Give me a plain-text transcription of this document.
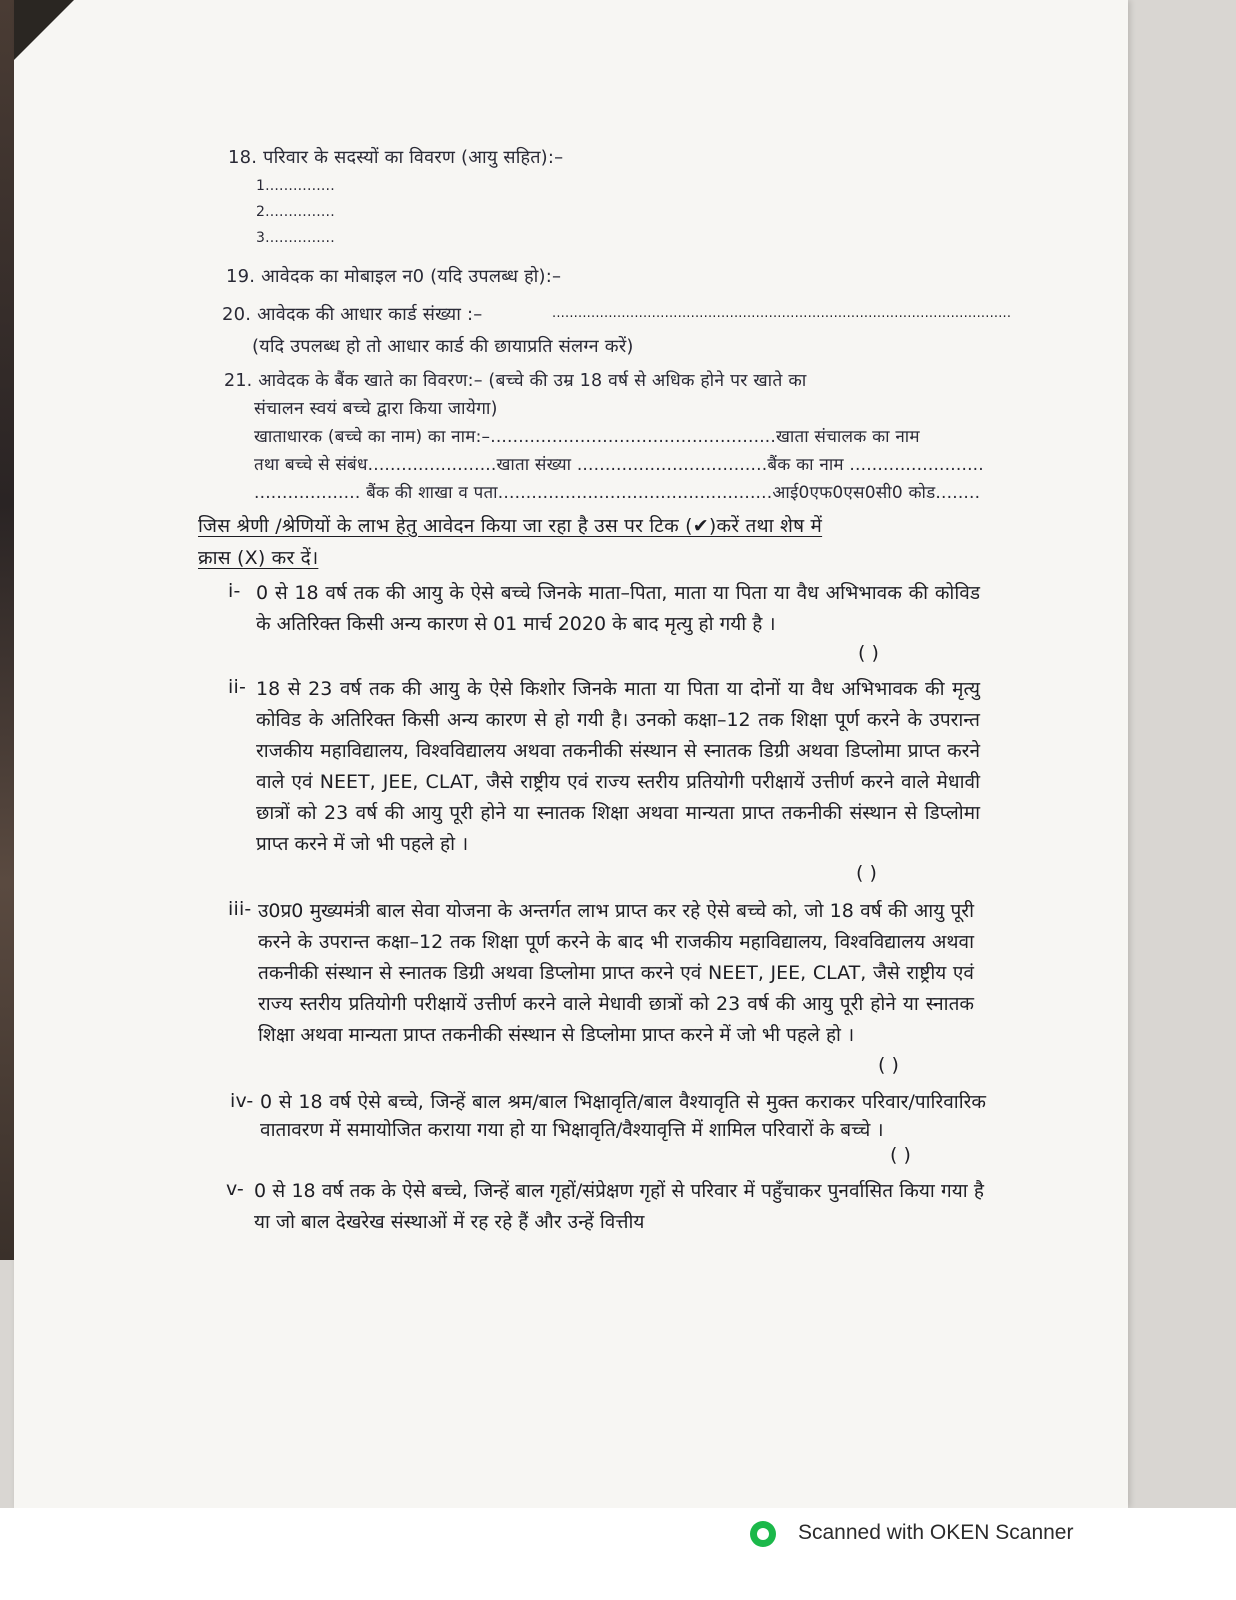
18. परिवार के सदस्यों का विवरण (आयु सहित):–
1...............
2...............
3...............
19. आवेदक का मोबाइल न0 (यदि उपलब्ध हो):–
20. आवेदक की आधार कार्ड संख्या :–	..........................................................................................................
(यदि उपलब्ध हो तो आधार कार्ड की छायाप्रति संलग्न करें)
21. आवेदक के बैंक खाते का विवरण:– (बच्चे की उम्र 18 वर्ष से अधिक होने पर खाते का
संचालन स्वयं बच्चे द्वारा किया जायेगा)
खाताधारक (बच्चे का नाम) का नाम:–...................................................खाता संचालक का नाम
तथा बच्चे से संबंध.......................खाता संख्या ..................................बैंक का नाम ........................
................... बैंक की शाखा व पता.................................................आई0एफ0एस0सी0 कोड........
जिस श्रेणी /श्रेणियों के लाभ हेतु आवेदन किया जा रहा है उस पर टिक (✔)करें तथा शेष में
क्रास (X) कर दें।
i- 0 से 18 वर्ष तक की आयु के ऐसे बच्चे जिनके माता–पिता, माता या पिता या वैध अभिभावक की कोविड के अतिरिक्त किसी अन्य कारण से 01 मार्च 2020 के बाद मृत्यु हो गयी है ।
( )
ii- 18 से 23 वर्ष तक की आयु के ऐसे किशोर जिनके माता या पिता या दोनों या वैध अभिभावक की मृत्यु कोविड के अतिरिक्त किसी अन्य कारण से हो गयी है। उनको कक्षा–12 तक शिक्षा पूर्ण करने के उपरान्त राजकीय महाविद्यालय, विश्वविद्यालय अथवा तकनीकी संस्थान से स्नातक डिग्री अथवा डिप्लोमा प्राप्त करने वाले एवं NEET, JEE, CLAT, जैसे राष्ट्रीय एवं राज्य स्तरीय प्रतियोगी परीक्षायें उत्तीर्ण करने वाले मेधावी छात्रों को 23 वर्ष की आयु पूरी होने या स्नातक शिक्षा अथवा मान्यता प्राप्त तकनीकी संस्थान से डिप्लोमा प्राप्त करने में जो भी पहले हो ।
( )
iii- उ0प्र0 मुख्यमंत्री बाल सेवा योजना के अन्तर्गत लाभ प्राप्त कर रहे ऐसे बच्चे को, जो 18 वर्ष की आयु पूरी करने के उपरान्त कक्षा–12 तक शिक्षा पूर्ण करने के बाद भी राजकीय महाविद्यालय, विश्वविद्यालय अथवा तकनीकी संस्थान से स्नातक डिग्री अथवा डिप्लोमा प्राप्त करने एवं NEET, JEE, CLAT, जैसे राष्ट्रीय एवं राज्य स्तरीय प्रतियोगी परीक्षायें उत्तीर्ण करने वाले मेधावी छात्रों को 23 वर्ष की आयु पूरी होने या स्नातक शिक्षा अथवा मान्यता प्राप्त तकनीकी संस्थान से डिप्लोमा प्राप्त करने में जो भी पहले हो ।
( )
iv- 0 से 18 वर्ष ऐसे बच्चे, जिन्हें बाल श्रम/बाल भिक्षावृति/बाल वैश्यावृति से मुक्त कराकर परिवार/पारिवारिक वातावरण में समायोजित कराया गया हो या भिक्षावृति/वैश्यावृत्ति में शामिल परिवारों के बच्चे ।
( )
v- 0 से 18 वर्ष तक के ऐसे बच्चे, जिन्हें बाल गृहों/संप्रेक्षण गृहों से परिवार में पहुँचाकर पुनर्वासित किया गया है या जो बाल देखरेख संस्थाओं में रह रहे हैं और उन्हें वित्तीय
Scanned with OKEN Scanner
